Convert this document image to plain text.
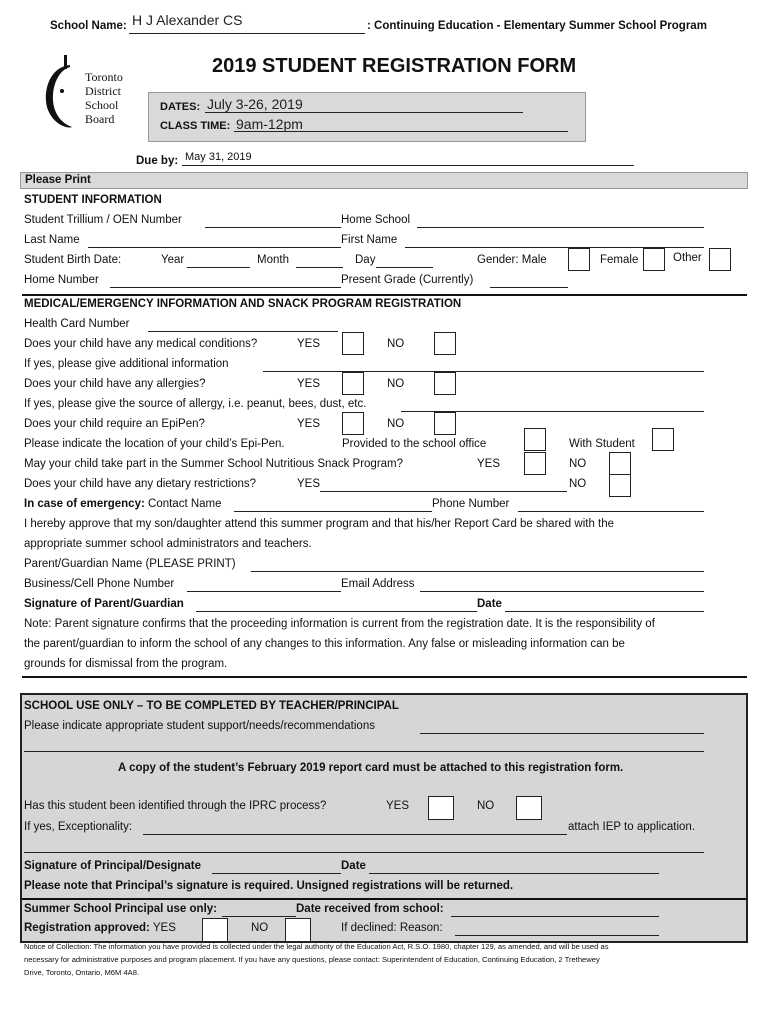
School Name: H J Alexander CS	: Continuing Education - Elementary Summer School Program
Toronto
District
School
Board
2019 STUDENT REGISTRATION FORM
DATES: July 3-26, 2019
CLASS TIME: 9am-12pm
Due by: May 31, 2019
Please Print
STUDENT INFORMATION
Student Trillium / OEN Number	Home School
Last Name	First Name
Student Birth Date:	Year	Month	Day	Gender: Male	Female	Other
Home Number	Present Grade (Currently)
MEDICAL/EMERGENCY INFORMATION AND SNACK PROGRAM REGISTRATION
Health Card Number
Does your child have any medical conditions?	YES	NO
If yes, please give additional information
Does your child have any allergies?	YES	NO
If yes, please give the source of allergy, i.e. peanut, bees, dust, etc.
Does your child require an EpiPen?	YES	NO
Please indicate the location of your child’s Epi-Pen.	Provided to the school office	With Student
May your child take part in the Summer School Nutritious Snack Program?	YES	NO
Does your child have any dietary restrictions?	YES	NO
In case of emergency: Contact Name	Phone Number
I hereby approve that my son/daughter attend this summer program and that his/her Report Card be shared with the
appropriate summer school administrators and teachers.
Parent/Guardian Name (PLEASE PRINT)
Business/Cell Phone Number	Email Address
Signature of Parent/Guardian	Date
Note: Parent signature confirms that the proceeding information is current from the registration date. It is the responsibility of
the parent/guardian to inform the school of any changes to this information. Any false or misleading information can be
grounds for dismissal from the program.
SCHOOL USE ONLY – TO BE COMPLETED BY TEACHER/PRINCIPAL
Please indicate appropriate student support/needs/recommendations
A copy of the student’s February 2019 report card must be attached to this registration form.
Has this student been identified through the IPRC process?	YES	NO
If yes, Exceptionality:	attach IEP to application.
Signature of Principal/Designate	Date
Please note that Principal’s signature is required. Unsigned registrations will be returned.
Summer School Principal use only:	Date received from school:
Registration approved: YES	NO	If declined: Reason:
Notice of Collection: The information you have provided is collected under the legal authority of the Education Act, R.S.O. 1980, chapter 129, as amended, and will be used as
necessary for administrative purposes and program placement. If you have any questions, please contact: Superintendent of Education, Continuing Education, 2 Trethewey
Drive, Toronto, Ontario, M6M 4A8.
